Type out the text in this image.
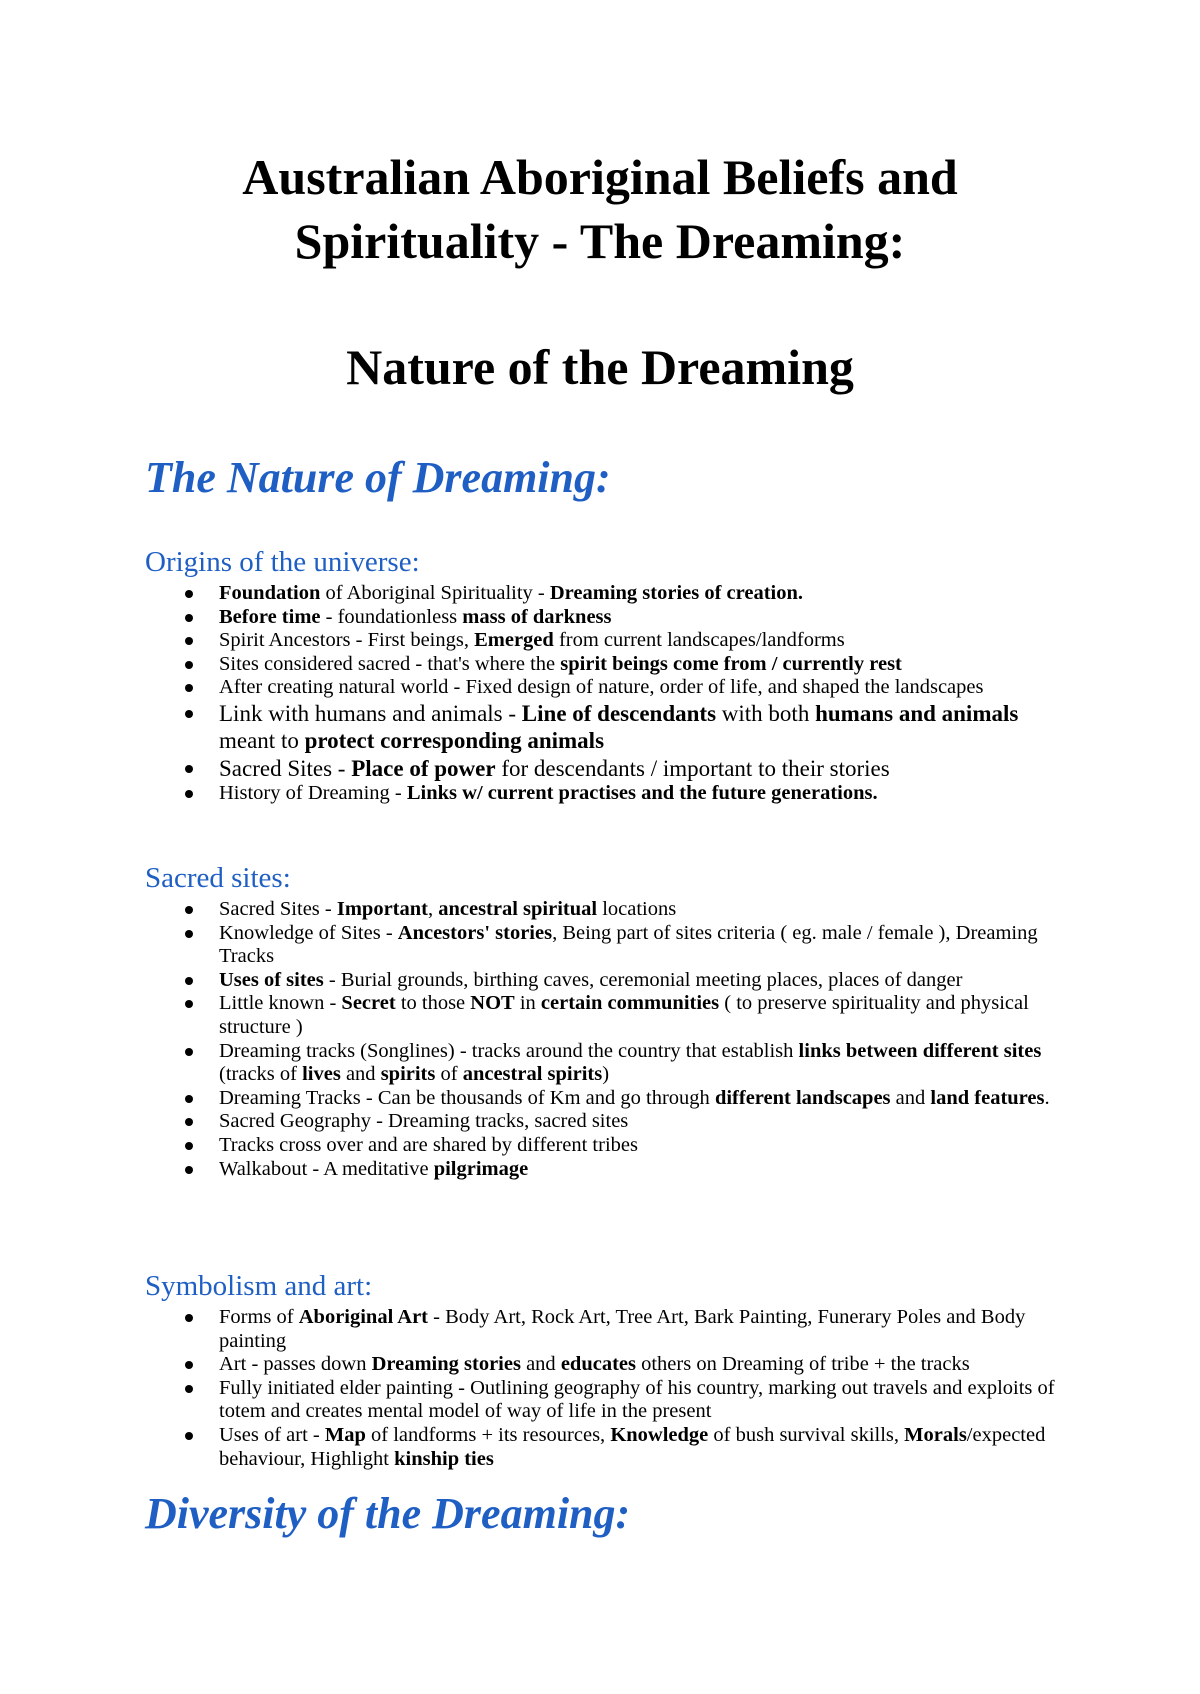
Australian Aboriginal Beliefs and
Spirituality - The Dreaming:
Nature of the Dreaming
The Nature of Dreaming:
Origins of the universe:
Foundation of Aboriginal Spirituality - Dreaming stories of creation.
Before time - foundationless mass of darkness
Spirit Ancestors - First beings, Emerged from current landscapes/landforms
Sites considered sacred - that's where the spirit beings come from / currently rest
After creating natural world - Fixed design of nature, order of life, and shaped the landscapes
Link with humans and animals - Line of descendants with both humans and animals meant to protect corresponding animals
Sacred Sites - Place of power for descendants / important to their stories
History of Dreaming - Links w/ current practises and the future generations.
Sacred sites:
Sacred Sites - Important, ancestral spiritual locations
Knowledge of Sites - Ancestors' stories, Being part of sites criteria ( eg. male / female ), Dreaming Tracks
Uses of sites - Burial grounds, birthing caves, ceremonial meeting places, places of danger
Little known - Secret to those NOT in certain communities ( to preserve spirituality and physical structure )
Dreaming tracks (Songlines) - tracks around the country that establish links between different sites (tracks of lives and spirits of ancestral spirits)
Dreaming Tracks - Can be thousands of Km and go through different landscapes and land features.
Sacred Geography - Dreaming tracks, sacred sites
Tracks cross over and are shared by different tribes
Walkabout - A meditative pilgrimage
Symbolism and art:
Forms of Aboriginal Art - Body Art, Rock Art, Tree Art, Bark Painting, Funerary Poles and Body painting
Art - passes down Dreaming stories and educates others on Dreaming of tribe + the tracks
Fully initiated elder painting - Outlining geography of his country, marking out travels and exploits of totem and creates mental model of way of life in the present
Uses of art - Map of landforms + its resources, Knowledge of bush survival skills, Morals/expected behaviour, Highlight kinship ties
Diversity of the Dreaming:
